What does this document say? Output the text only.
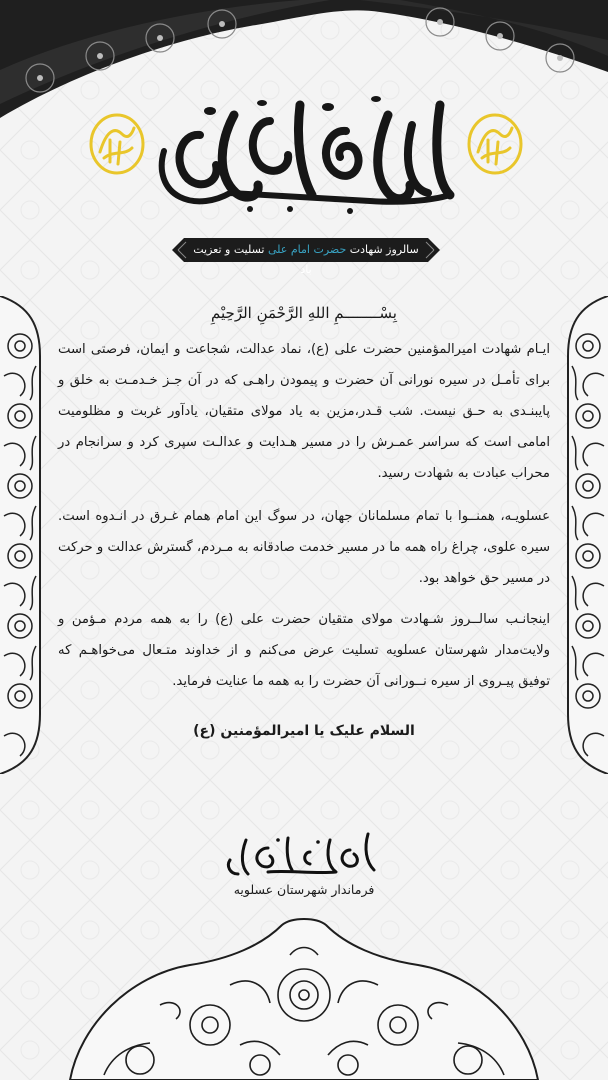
سالروز شهادت حضرت امام علی تسلیت و تعزیت باد
بِسْــــــــمِ اللهِ الرَّحْمَنِ الرَّحِيْمِ

ایـام شهادت امیرالمؤمنین حضرت علی (ع)، نماد عدالت، شجاعت و ایمان، فرصتی است برای تأمـل در سیره نورانی آن حضرت و پیمودن راهـی که در آن جـز خـدمـت به خلق و پایبنـدی به حـق نیست. شب قـدر،مزین به یاد مولای متقیان، یادآور غربت و مظلومیت امامی است که سراسر عمـرش را در مسیر هـدایت و عدالـت سپری کرد و سرانجام در محراب عبادت به شهادت رسید.

عسلویـه، همنــوا با تمام مسلمانان جهان، در سوگ این امام همام غـرق در انـدوه است. سیره علوی، چراغ راه همه ما در مسیر خدمت صادقانه به مـردم، گسترش عدالت و حرکت در مسیر حق خواهد بود.

اینجانـب سالــروز شـهادت مولای متقیان حضرت علی (ع) را به همه مردم مـؤمن و ولایت‌مدار شهرستان عسلویه تسلیت عرض می‌کنم و از خداوند متـعال می‌خواهـم که توفیق پیـروی از سیره نــورانی آن حضرت را به همه ما عنایت فرماید.

السلام علیک یا امیرالمؤمنین (ع)
فرماندار شهرستان عسلویه
